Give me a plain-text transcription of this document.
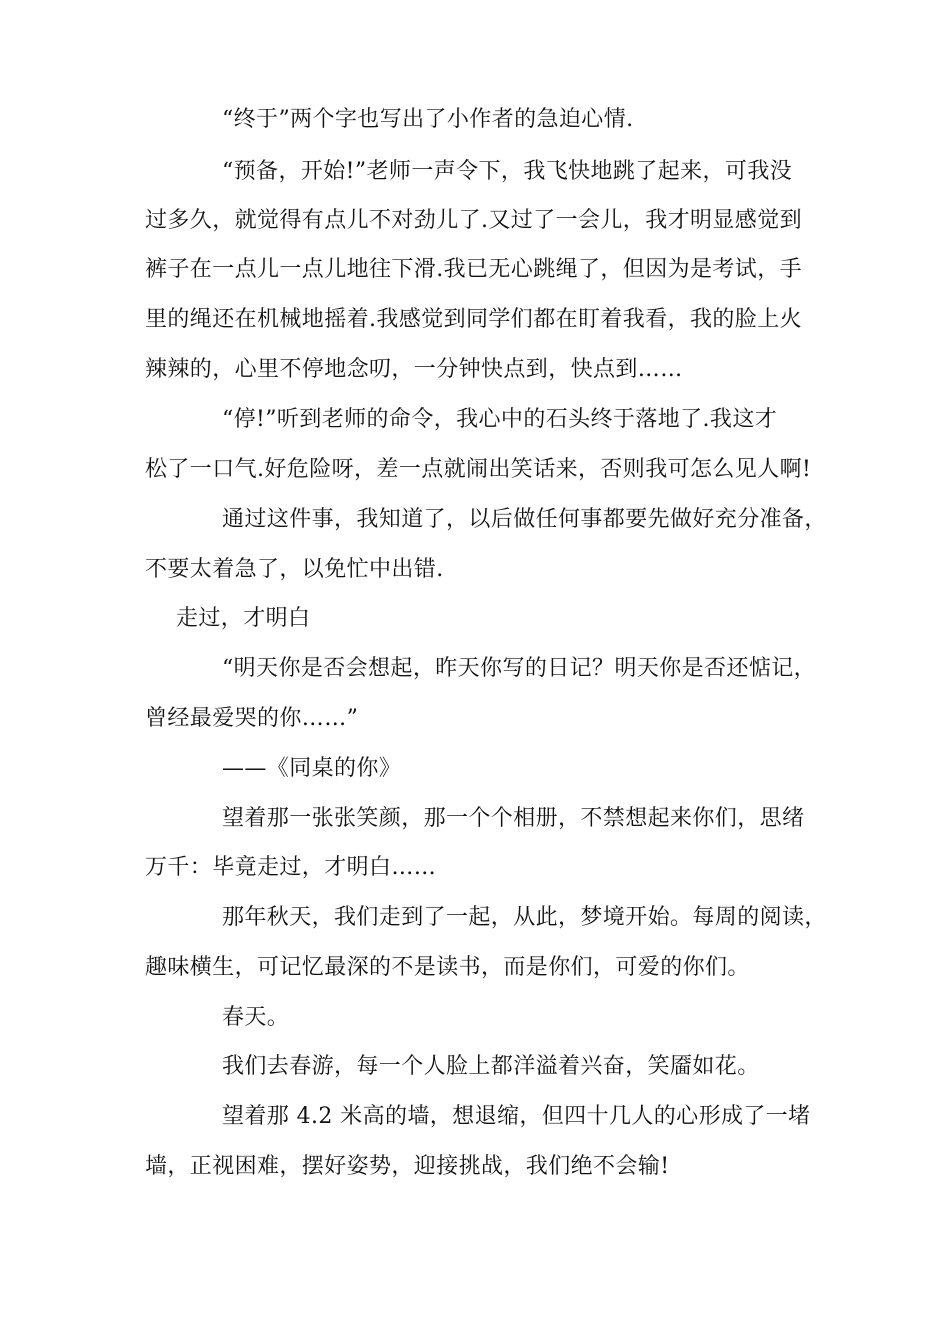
“终于”两个字也写出了小作者的急迫心情.
“预备，开始!”老师一声令下，我飞快地跳了起来，可我没
过多久，就觉得有点儿不对劲儿了.又过了一会儿，我才明显感觉到
裤子在一点儿一点儿地往下滑.我已无心跳绳了，但因为是考试，手
里的绳还在机械地摇着.我感觉到同学们都在盯着我看，我的脸上火
辣辣的，心里不停地念叨，一分钟快点到，快点到……
“停!”听到老师的命令，我心中的石头终于落地了.我这才
松了一口气.好危险呀，差一点就闹出笑话来，否则我可怎么见人啊!
通过这件事，我知道了，以后做任何事都要先做好充分准备，
不要太着急了，以免忙中出错.
走过，才明白
“明天你是否会想起，昨天你写的日记？明天你是否还惦记，
曾经最爱哭的你……”
——《同桌的你》
望着那一张张笑颜，那一个个相册，不禁想起来你们，思绪
万千：毕竟走过，才明白……
那年秋天，我们走到了一起，从此，梦境开始。每周的阅读，
趣味横生，可记忆最深的不是读书，而是你们，可爱的你们。
春天。
我们去春游，每一个人脸上都洋溢着兴奋，笑靥如花。
望着那 4.2 米高的墙，想退缩，但四十几人的心形成了一堵
墙，正视困难，摆好姿势，迎接挑战，我们绝不会输!
